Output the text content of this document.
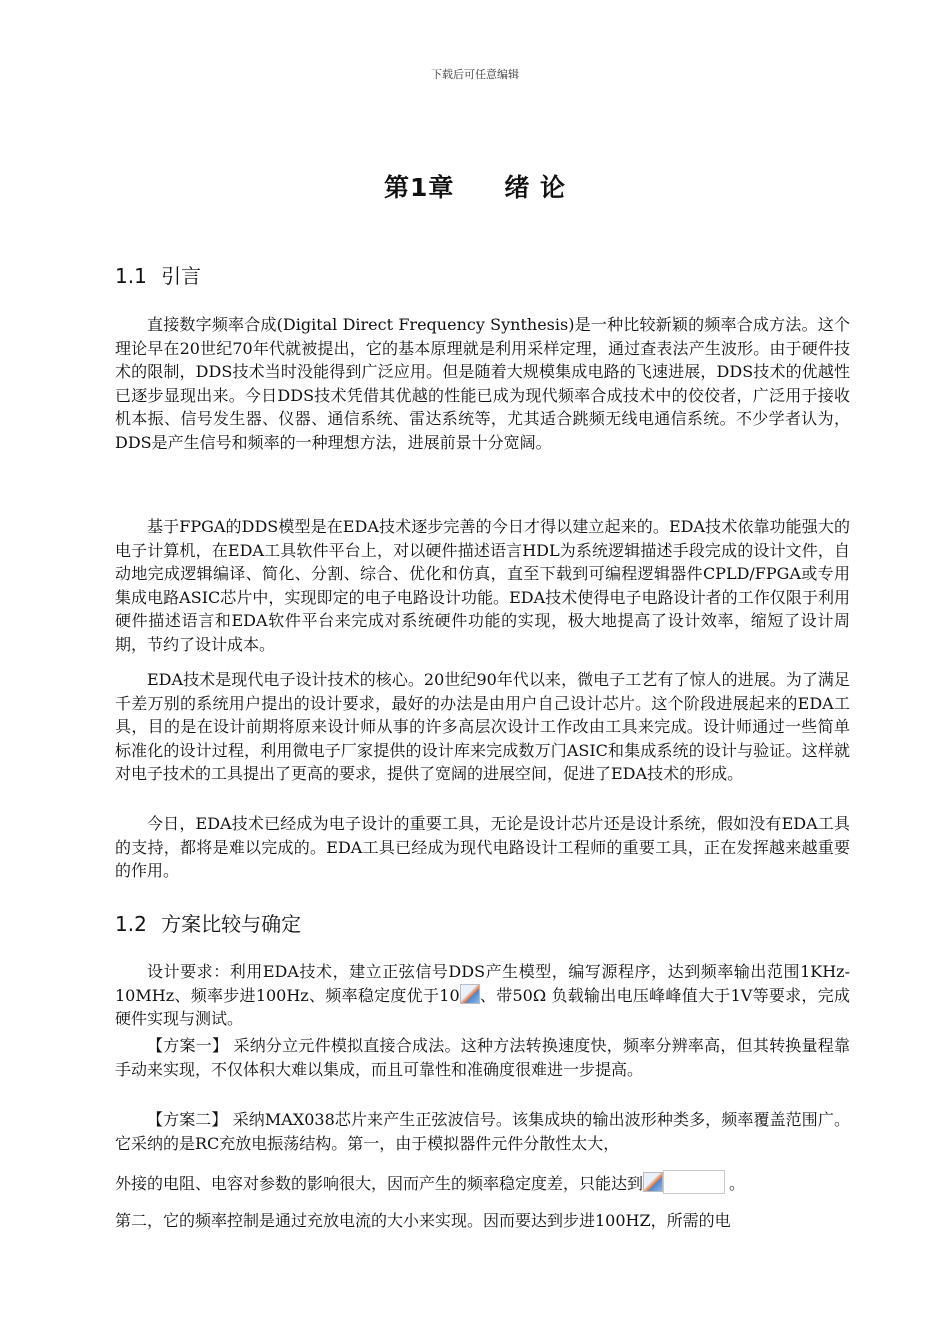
下载后可任意编辑
第1章 绪 论
1.1 引言

直接数字频率合成(Digital Direct Frequency Synthesis)是一种比较新颖的频率合成方法。这个理论早在20世纪70年代就被提出，它的基本原理就是利用采样定理，通过查表法产生波形。由于硬件技术的限制，DDS技术当时没能得到广泛应用。但是随着大规模集成电路的飞速进展，DDS技术的优越性已逐步显现出来。今日DDS技术凭借其优越的性能已成为现代频率合成技术中的佼佼者，广泛用于接收机本振、信号发生器、仪器、通信系统、雷达系统等，尤其适合跳频无线电通信系统。不少学者认为，DDS是产生信号和频率的一种理想方法，进展前景十分宽阔。

基于FPGA的DDS模型是在EDA技术逐步完善的今日才得以建立起来的。EDA技术依靠功能强大的电子计算机，在EDA工具软件平台上，对以硬件描述语言HDL为系统逻辑描述手段完成的设计文件，自动地完成逻辑编译、简化、分割、综合、优化和仿真，直至下载到可编程逻辑器件CPLD/FPGA或专用集成电路ASIC芯片中，实现即定的电子电路设计功能。EDA技术使得电子电路设计者的工作仅限于利用硬件描述语言和EDA软件平台来完成对系统硬件功能的实现，极大地提高了设计效率，缩短了设计周期，节约了设计成本。

EDA技术是现代电子设计技术的核心。20世纪90年代以来，微电子工艺有了惊人的进展。为了满足千差万别的系统用户提出的设计要求，最好的办法是由用户自己设计芯片。这个阶段进展起来的EDA工具，目的是在设计前期将原来设计师从事的许多高层次设计工作改由工具来完成。设计师通过一些简单标准化的设计过程，利用微电子厂家提供的设计库来完成数万门ASIC和集成系统的设计与验证。这样就对电子技术的工具提出了更高的要求，提供了宽阔的进展空间，促进了EDA技术的形成。

今日，EDA技术已经成为电子设计的重要工具，无论是设计芯片还是设计系统，假如没有EDA工具的支持，都将是难以完成的。EDA工具已经成为现代电路设计工程师的重要工具，正在发挥越来越重要的作用。

1.2 方案比较与确定

设计要求：利用EDA技术，建立正弦信号DDS产生模型，编写源程序，达到频率输出范围1KHz-10MHz、频率步进100Hz、频率稳定度优于10 、带50Ω 负载输出电压峰峰值大于1V等要求，完成硬件实现与测试。

【方案一】 采纳分立元件模拟直接合成法。这种方法转换速度快，频率分辨率高，但其转换量程靠手动来实现，不仅体积大难以集成，而且可靠性和准确度很难进一步提高。

【方案二】 采纳MAX038芯片来产生正弦波信号。该集成块的输出波形种类多，频率覆盖范围广。它采纳的是RC充放电振荡结构。第一，由于模拟器件元件分散性太大，

外接的电阻、电容对参数的影响很大，因而产生的频率稳定度差，只能达到	。

第二，它的频率控制是通过充放电流的大小来实现。因而要达到步进100HZ，所需的电
